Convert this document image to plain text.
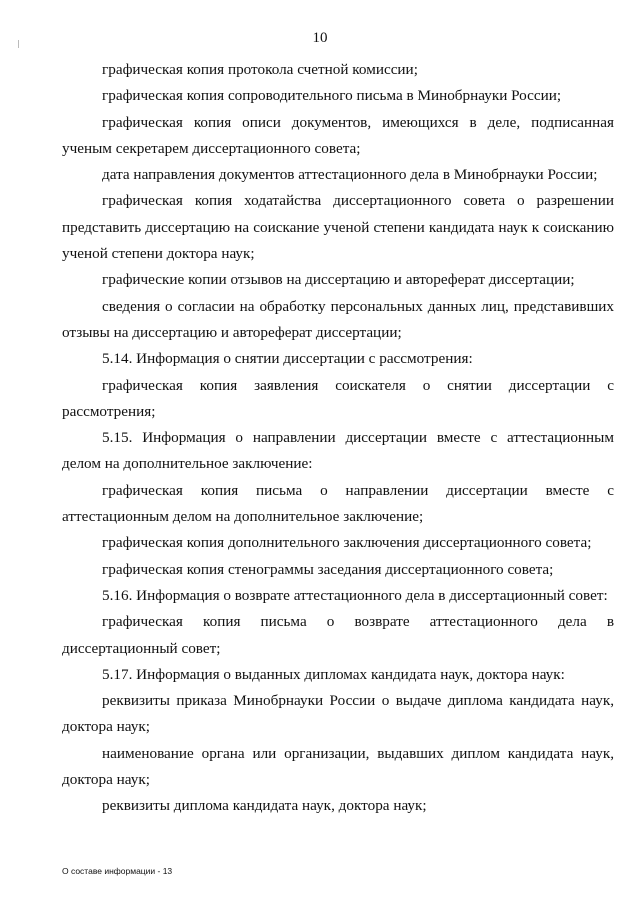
10

графическая копия протокола счетной комиссии;

графическая копия сопроводительного письма в Минобрнауки России;

графическая копия описи документов, имеющихся в деле, подписанная ученым секретарем диссертационного совета;

дата направления документов аттестационного дела в Минобрнауки России;

графическая копия ходатайства диссертационного совета о разрешении представить диссертацию на соискание ученой степени кандидата наук к соисканию ученой степени доктора наук;

графические копии отзывов на диссертацию и автореферат диссертации;

сведения о согласии на обработку персональных данных лиц, представивших отзывы на диссертацию и автореферат диссертации;

5.14. Информация о снятии диссертации с рассмотрения:

графическая копия заявления соискателя о снятии диссертации с рассмотрения;

5.15. Информация о направлении диссертации вместе с аттестационным делом на дополнительное заключение:

графическая копия письма о направлении диссертации вместе с аттестационным делом на дополнительное заключение;

графическая копия дополнительного заключения диссертационного совета;

графическая копия стенограммы заседания диссертационного совета;

5.16. Информация о возврате аттестационного дела в диссертационный совет:

графическая копия письма о возврате аттестационного дела в диссертационный совет;

5.17. Информация о выданных дипломах кандидата наук, доктора наук:

реквизиты приказа Минобрнауки России о выдаче диплома кандидата наук, доктора наук;

наименование органа или организации, выдавших диплом кандидата наук, доктора наук;

реквизиты диплома кандидата наук, доктора наук;

О составе информации - 13
